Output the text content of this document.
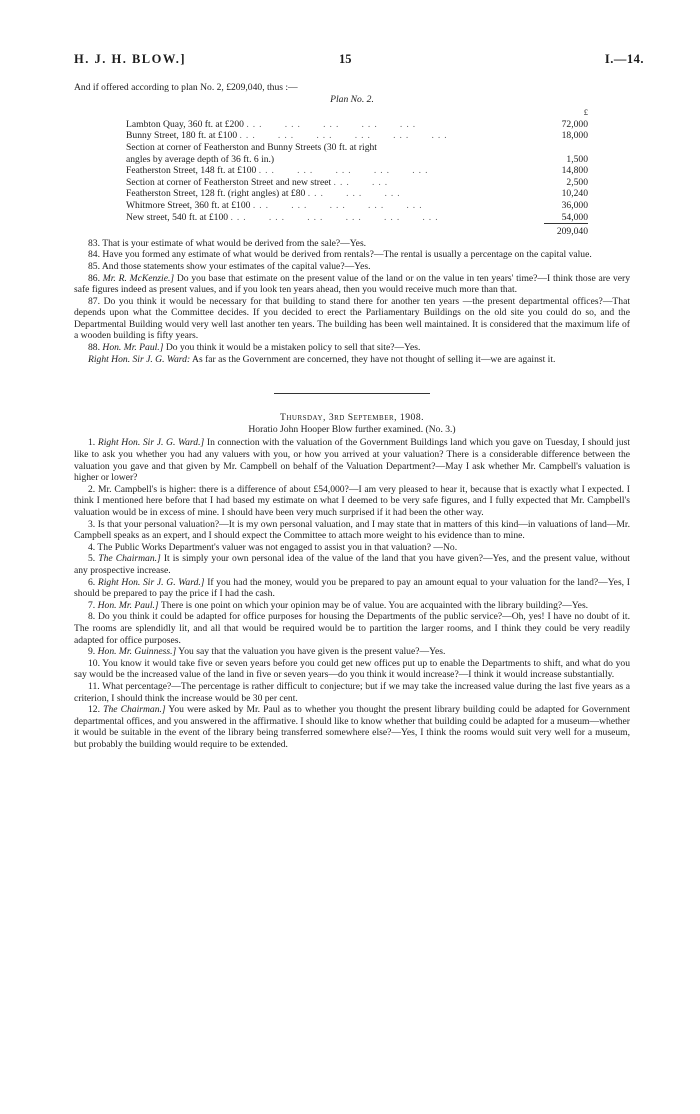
H. J. H. BLOW.]	15	I.—14.

And if offered according to plan No. 2, £209,040, thus :—

Plan No. 2.
	£
Lambton Quay, 360 ft. at £200 ...   ...   ...   ...   ...	72,000
Bunny Street, 180 ft. at £100 ...   ...   ...   ...   ...   ...	18,000
Section at corner of Featherston and Bunny Streets (30 ft. at right	
angles by average depth of 36 ft. 6 in.)	1,500
Featherston Street, 148 ft. at £100 ...   ...   ...   ...   ...	14,800
Section at corner of Featherston Street and new street ...   ...	2,500
Featherston Street, 128 ft. (right angles) at £80 ...   ...   ...	10,240
Whitmore Street, 360 ft. at £100 ...   ...   ...   ...   ...	36,000
New street, 540 ft. at £100 ...   ...   ...   ...   ...   ...	54,000
	209,040

83. That is your estimate of what would be derived from the sale?—Yes.

84. Have you formed any estimate of what would be derived from rentals?—The rental is usually a percentage on the capital value.

85. And those statements show your estimates of the capital value?—Yes.

86. Mr. R. McKenzie.] Do you base that estimate on the present value of the land or on the value in ten years' time?—I think those are very safe figures indeed as present values, and if you look ten years ahead, then you would receive much more than that.

87. Do you think it would be necessary for that building to stand there for another ten years —the present departmental offices?—That depends upon what the Committee decides. If you decided to erect the Parliamentary Buildings on the old site you could do so, and the Departmental Building would very well last another ten years. The building has been well maintained. It is considered that the maximum life of a wooden building is fifty years.

88. Hon. Mr. Paul.] Do you think it would be a mistaken policy to sell that site?—Yes.

Right Hon. Sir J. G. Ward: As far as the Government are concerned, they have not thought of selling it—we are against it.

Thursday, 3rd September, 1908.
Horatio John Hooper Blow further examined. (No. 3.)

1. Right Hon. Sir J. G. Ward.] In connection with the valuation of the Government Buildings land which you gave on Tuesday, I should just like to ask you whether you had any valuers with you, or how you arrived at your valuation? There is a considerable difference between the valuation you gave and that given by Mr. Campbell on behalf of the Valuation Department?—May I ask whether Mr. Campbell's valuation is higher or lower?

2. Mr. Campbell's is higher: there is a difference of about £54,000?—I am very pleased to hear it, because that is exactly what I expected. I think I mentioned here before that I had based my estimate on what I deemed to be very safe figures, and I fully expected that Mr. Campbell's valuation would be in excess of mine. I should have been very much surprised if it had been the other way.

3. Is that your personal valuation?—It is my own personal valuation, and I may state that in matters of this kind—in valuations of land—Mr. Campbell speaks as an expert, and I should expect the Committee to attach more weight to his evidence than to mine.

4. The Public Works Department's valuer was not engaged to assist you in that valuation? —No.

5. The Chairman.] It is simply your own personal idea of the value of the land that you have given?—Yes, and the present value, without any prospective increase.

6. Right Hon. Sir J. G. Ward.] If you had the money, would you be prepared to pay an amount equal to your valuation for the land?—Yes, I should be prepared to pay the price if I had the cash.

7. Hon. Mr. Paul.] There is one point on which your opinion may be of value. You are acquainted with the library building?—Yes.

8. Do you think it could be adapted for office purposes for housing the Departments of the public service?—Oh, yes! I have no doubt of it. The rooms are splendidly lit, and all that would be required would be to partition the larger rooms, and I think they could be very readily adapted for office purposes.

9. Hon. Mr. Guinness.] You say that the valuation you have given is the present value?—Yes.

10. You know it would take five or seven years before you could get new offices put up to enable the Departments to shift, and what do you say would be the increased value of the land in five or seven years—do you think it would increase?—I think it would increase substantially.

11. What percentage?—The percentage is rather difficult to conjecture; but if we may take the increased value during the last five years as a criterion, I should think the increase would be 30 per cent.

12. The Chairman.] You were asked by Mr. Paul as to whether you thought the present library building could be adapted for Government departmental offices, and you answered in the affirmative. I should like to know whether that building could be adapted for a museum—whether it would be suitable in the event of the library being transferred somewhere else?—Yes, I think the rooms would suit very well for a museum, but probably the building would require to be extended.
